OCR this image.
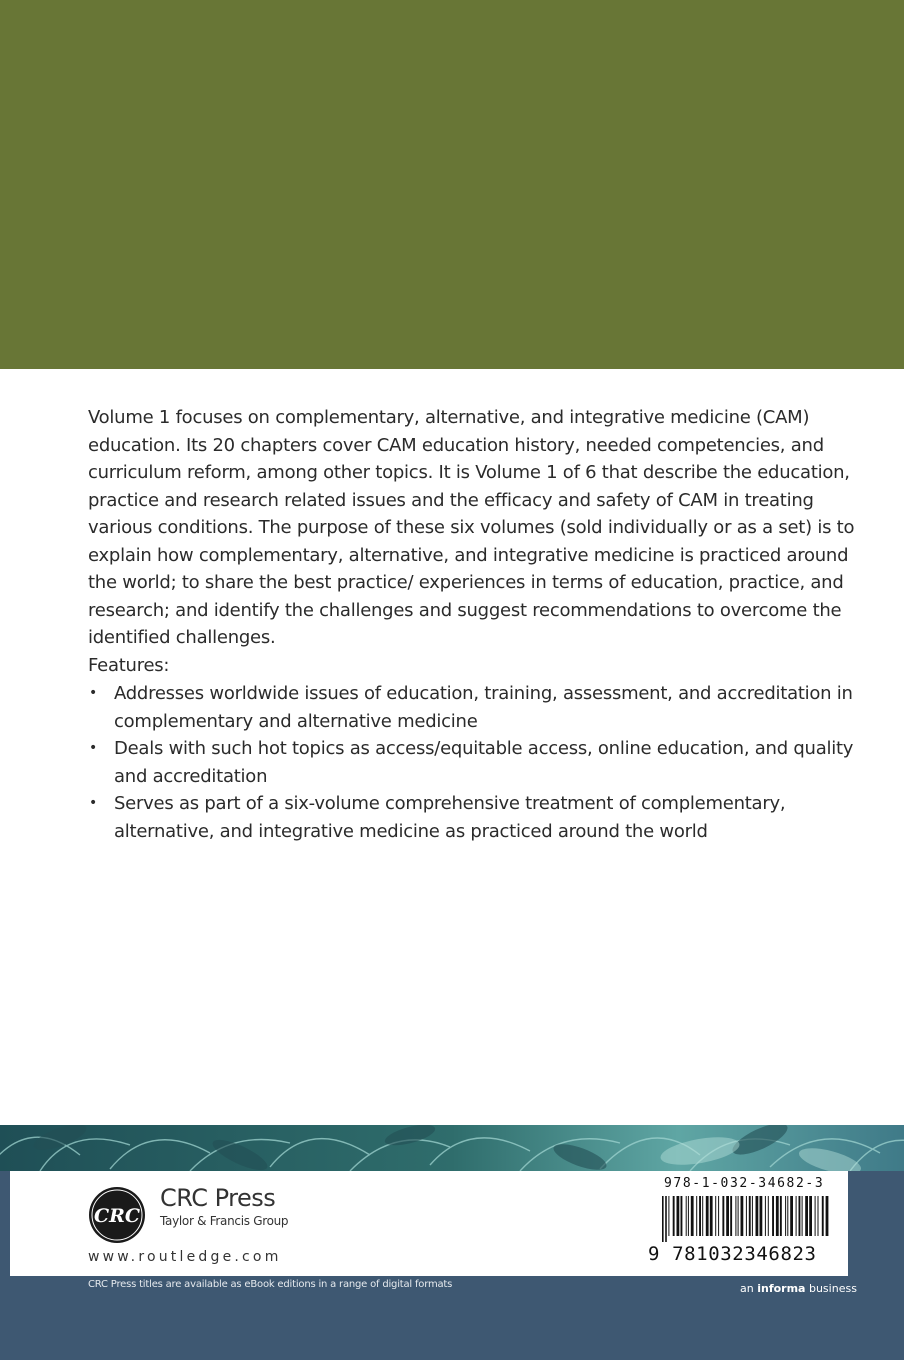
Volume 1 focuses on complementary, alternative, and integrative medicine (CAM) education. Its 20 chapters cover CAM education history, needed competencies, and curriculum reform, among other topics. It is Volume 1 of 6 that describe the education, practice and research related issues and the efficacy and safety of CAM in treating various conditions. The purpose of these six volumes (sold individually or as a set) is to explain how complementary, alternative, and integrative medicine is practiced around the world; to share the best practice/ experiences in terms of education, practice, and research; and identify the challenges and suggest recommendations to overcome the identified challenges.

Features:
• Addresses worldwide issues of education, training, assessment, and accreditation in complementary and alternative medicine
• Deals with such hot topics as access/equitable access, online education, and quality and accreditation
• Serves as part of a six-volume comprehensive treatment of complementary, alternative, and integrative medicine as practiced around the world
CRC
CRC Press
Taylor & Francis Group
www.routledge.com
978-1-032-34682-3
9 781032346823
CRC Press titles are available as eBook editions in a range of digital formats	an informa business
